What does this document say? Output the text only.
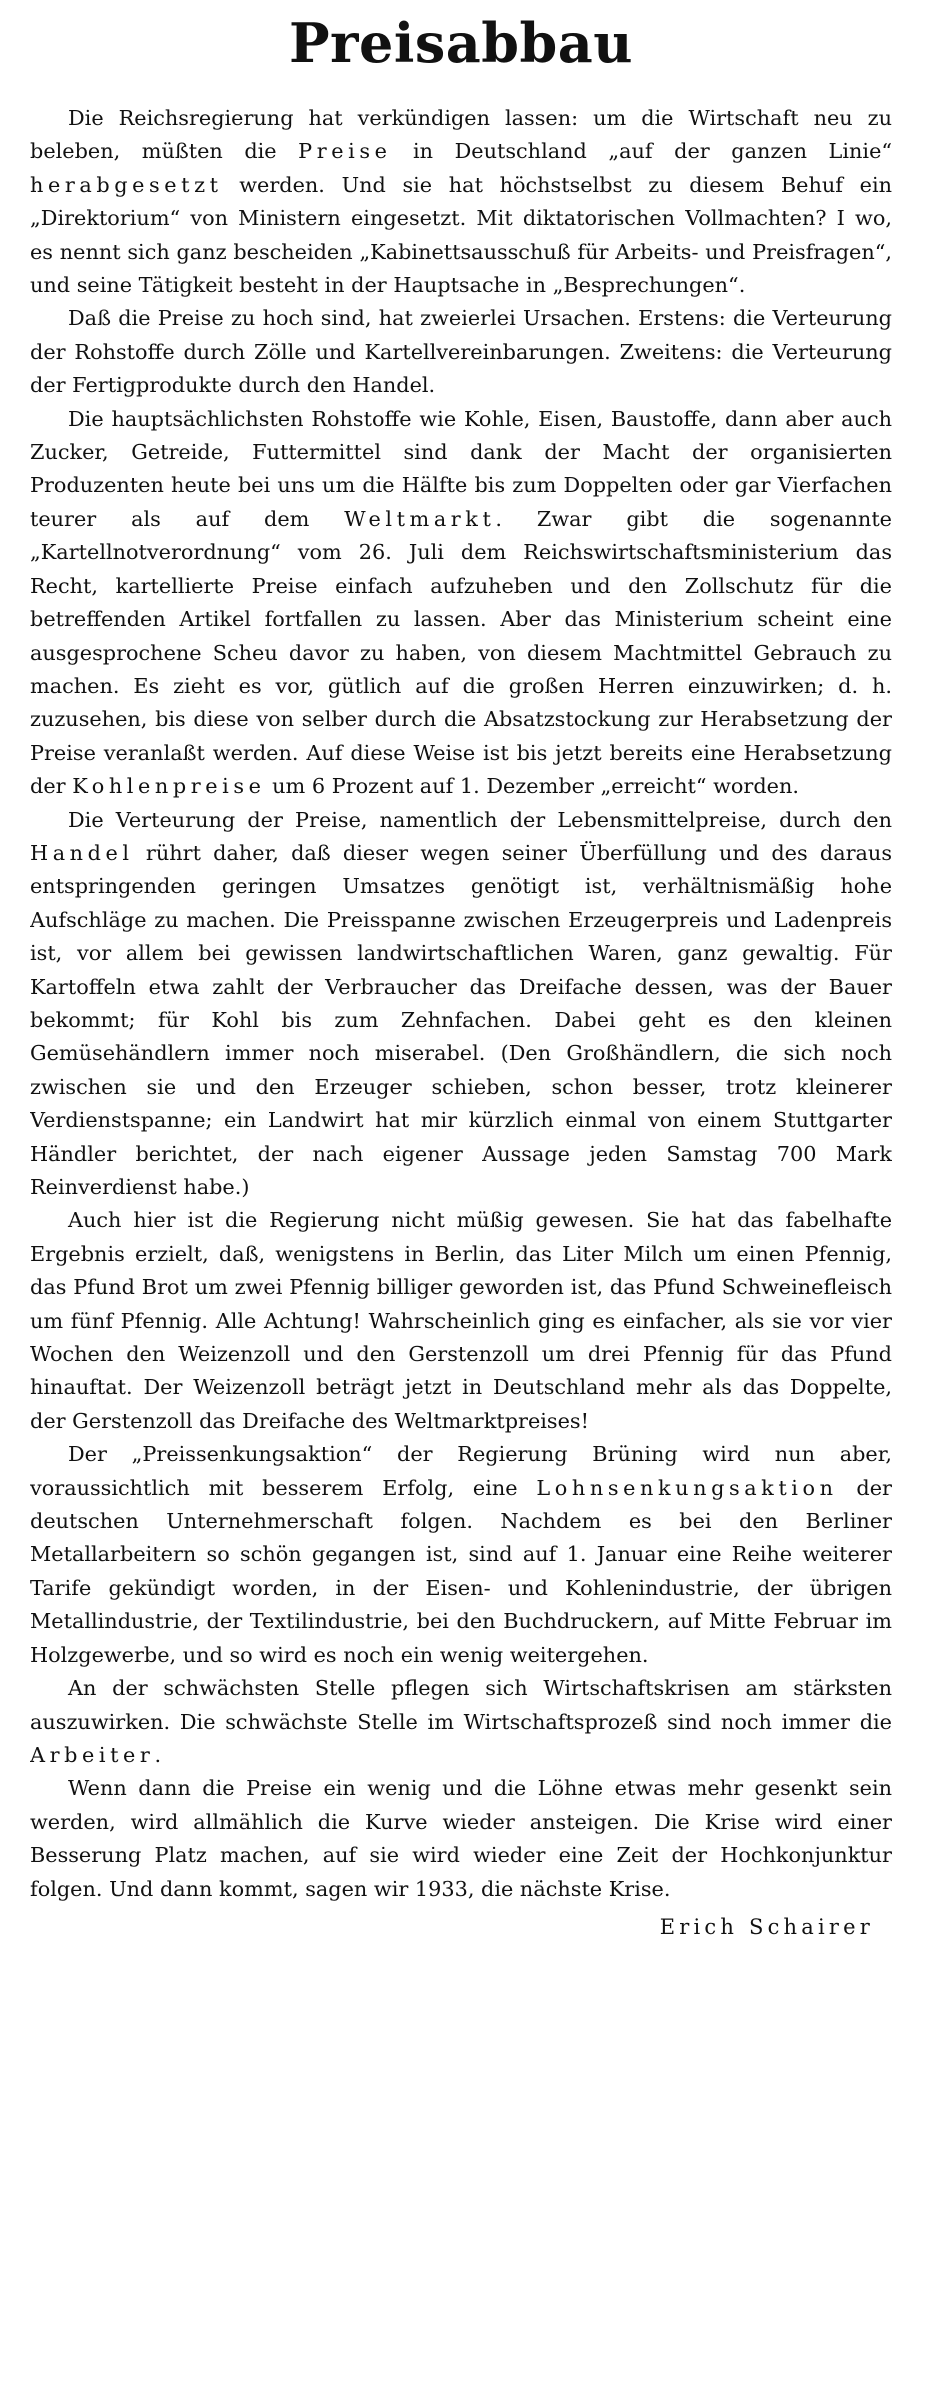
Preisabbau

Die Reichsregierung hat verkündigen lassen: um die Wirtschaft neu zu beleben, müßten die Preise in Deutschland „auf der ganzen Linie“ herabgesetzt werden. Und sie hat höchstselbst zu diesem Behuf ein „Direktorium“ von Ministern eingesetzt. Mit diktatorischen Vollmachten? I wo, es nennt sich ganz bescheiden „Kabinettsausschuß für Arbeits- und Preisfragen“, und seine Tätigkeit besteht in der Hauptsache in „Besprechungen“.

Daß die Preise zu hoch sind, hat zweierlei Ursachen. Erstens: die Verteurung der Rohstoffe durch Zölle und Kartellvereinbarungen. Zweitens: die Verteurung der Fertigprodukte durch den Handel.

Die hauptsächlichsten Rohstoffe wie Kohle, Eisen, Baustoffe, dann aber auch Zucker, Getreide, Futtermittel sind dank der Macht der organisierten Produzenten heute bei uns um die Hälfte bis zum Doppelten oder gar Vierfachen teurer als auf dem Weltmarkt. Zwar gibt die sogenannte „Kartellnotverordnung“ vom 26. Juli dem Reichswirtschaftsministerium das Recht, kartellierte Preise einfach aufzuheben und den Zollschutz für die betreffenden Artikel fortfallen zu lassen. Aber das Ministerium scheint eine ausgesprochene Scheu davor zu haben, von diesem Machtmittel Gebrauch zu machen. Es zieht es vor, gütlich auf die großen Herren einzuwirken; d. h. zuzusehen, bis diese von selber durch die Absatzstockung zur Herabsetzung der Preise veranlaßt werden. Auf diese Weise ist bis jetzt bereits eine Herabsetzung der Kohlenpreise um 6 Prozent auf 1. Dezember „erreicht“ worden.

Die Verteurung der Preise, namentlich der Lebensmittelpreise, durch den Handel rührt daher, daß dieser wegen seiner Überfüllung und des daraus entspringenden geringen Umsatzes genötigt ist, verhältnismäßig hohe Aufschläge zu machen. Die Preisspanne zwischen Erzeugerpreis und Ladenpreis ist, vor allem bei gewissen landwirtschaftlichen Waren, ganz gewaltig. Für Kartoffeln etwa zahlt der Verbraucher das Dreifache dessen, was der Bauer bekommt; für Kohl bis zum Zehnfachen. Dabei geht es den kleinen Gemüsehändlern immer noch miserabel. (Den Großhändlern, die sich noch zwischen sie und den Erzeuger schieben, schon besser, trotz kleinerer Verdienstspanne; ein Landwirt hat mir kürzlich einmal von einem Stuttgarter Händler berichtet, der nach eigener Aussage jeden Samstag 700 Mark Reinverdienst habe.)

Auch hier ist die Regierung nicht müßig gewesen. Sie hat das fabelhafte Ergebnis erzielt, daß, wenigstens in Berlin, das Liter Milch um einen Pfennig, das Pfund Brot um zwei Pfennig billiger geworden ist, das Pfund Schweinefleisch um fünf Pfennig. Alle Achtung! Wahrscheinlich ging es einfacher, als sie vor vier Wochen den Weizenzoll und den Gerstenzoll um drei Pfennig für das Pfund hinauftat. Der Weizenzoll beträgt jetzt in Deutschland mehr als das Doppelte, der Gerstenzoll das Dreifache des Weltmarktpreises!

Der „Preissenkungsaktion“ der Regierung Brüning wird nun aber, voraussichtlich mit besserem Erfolg, eine Lohnsenkungsaktion der deutschen Unternehmerschaft folgen. Nachdem es bei den Berliner Metallarbeitern so schön gegangen ist, sind auf 1. Januar eine Reihe weiterer Tarife gekündigt worden, in der Eisen- und Kohlenindustrie, der übrigen Metallindustrie, der Textilindustrie, bei den Buchdruckern, auf Mitte Februar im Holzgewerbe, und so wird es noch ein wenig weitergehen.

An der schwächsten Stelle pflegen sich Wirtschaftskrisen am stärksten auszuwirken. Die schwächste Stelle im Wirtschaftsprozeß sind noch immer die Arbeiter.

Wenn dann die Preise ein wenig und die Löhne etwas mehr gesenkt sein werden, wird allmählich die Kurve wieder ansteigen. Die Krise wird einer Besserung Platz machen, auf sie wird wieder eine Zeit der Hochkonjunktur folgen. Und dann kommt, sagen wir 1933, die nächste Krise.

Erich Schairer
